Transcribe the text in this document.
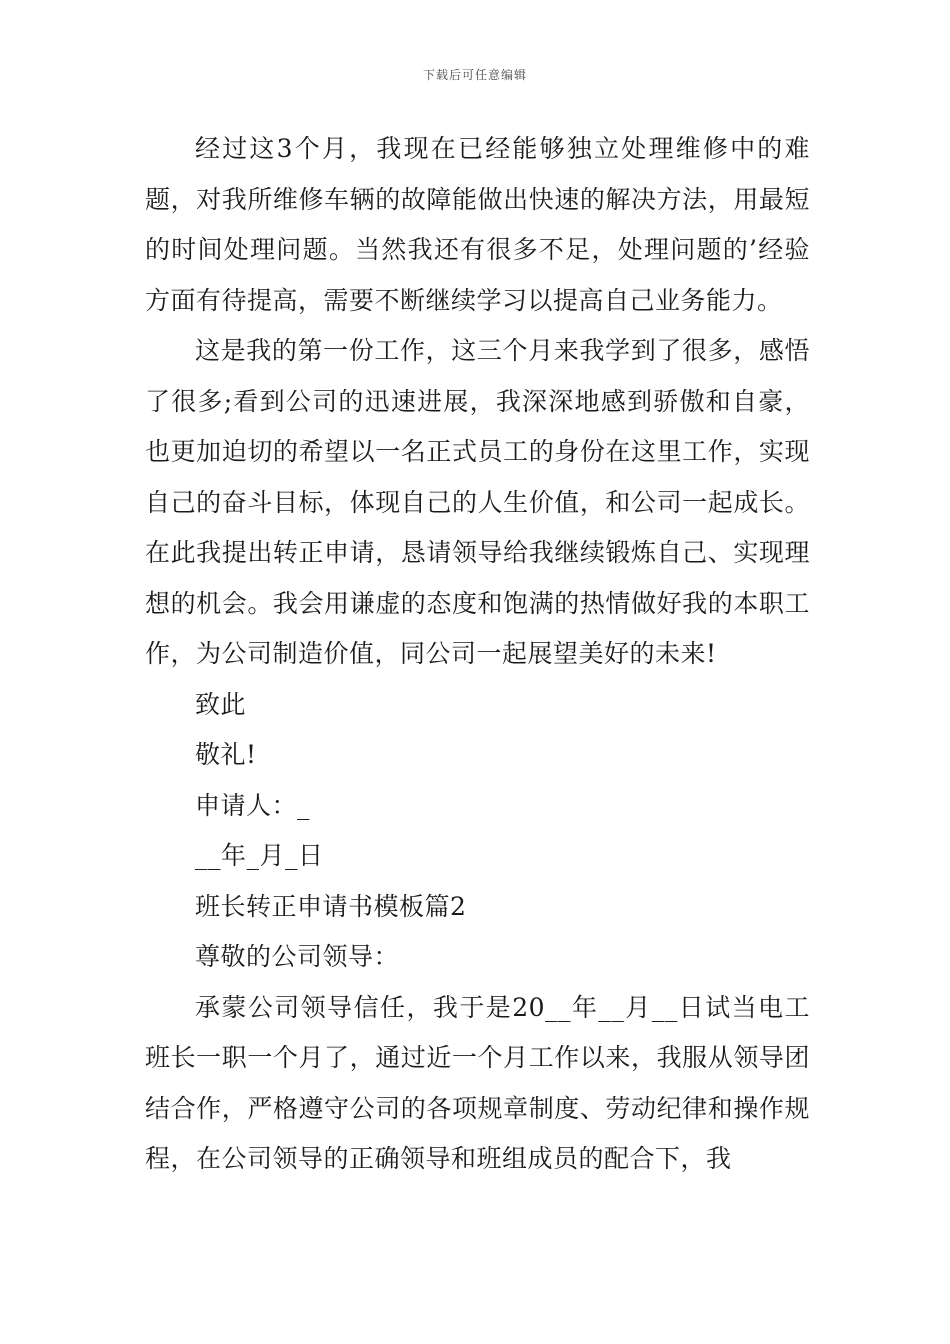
下载后可任意编辑

经过这3个月，我现在已经能够独立处理维修中的难题，对我所维修车辆的故障能做出快速的解决方法，用最短的时间处理问题。当然我还有很多不足，处理问题的’经验方面有待提高，需要不断继续学习以提高自己业务能力。

这是我的第一份工作，这三个月来我学到了很多，感悟了很多;看到公司的迅速进展，我深深地感到骄傲和自豪，也更加迫切的希望以一名正式员工的身份在这里工作，实现自己的奋斗目标，体现自己的人生价值，和公司一起成长。在此我提出转正申请，恳请领导给我继续锻炼自己、实现理想的机会。我会用谦虚的态度和饱满的热情做好我的本职工作，为公司制造价值，同公司一起展望美好的未来!

致此

敬礼!

申请人：_

__年_月_日

班长转正申请书模板篇2

尊敬的公司领导：

承蒙公司领导信任，我于是20__年__月__日试当电工班长一职一个月了，通过近一个月工作以来，我服从领导团结合作，严格遵守公司的各项规章制度、劳动纪律和操作规程，在公司领导的正确领导和班组成员的配合下，我
